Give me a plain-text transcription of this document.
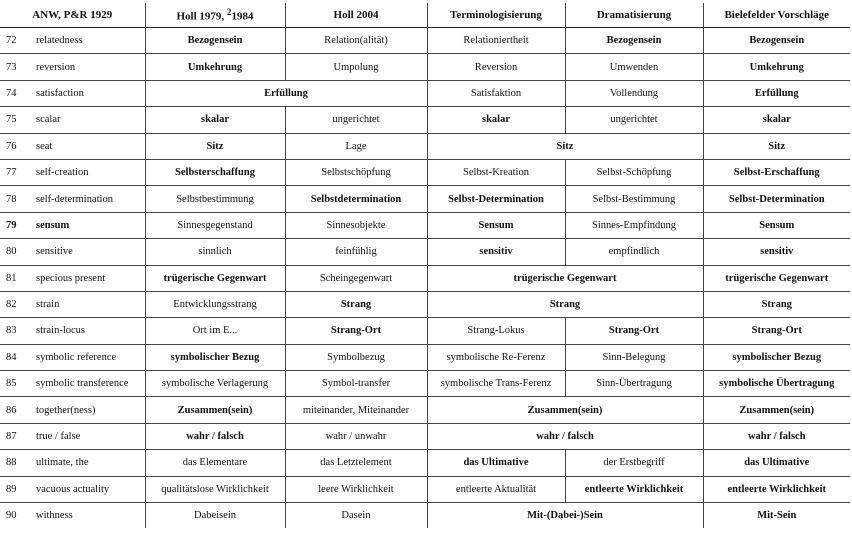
ANW, P&R 1929	Holl 1979, $^2$1984	Holl 2004	Terminologisierung	Dramatisierung	Bielefelder Vorschläge
72 relatedness	Bezogensein	Relation(alität)	Relationiertheit	Bezogensein	Bezogensein
73 reversion	Umkehrung	Umpolung	Reversion	Umwenden	Umkehrung
74 satisfaction	Erfüllung		Satisfaktion	Vollendung	Erfüllung
75 scalar	skalar	ungerichtet	skalar	ungerichtet	skalar
76 seat	Sitz	Lage	Sitz		Sitz
77 self-creation	Selbsterschaffung	Selbstschöpfung	Selbst-Kreation	Selbst-Schöpfung	Selbst-Erschaffung
78 self-determination	Selbstbestimmung	Selbstdetermination	Selbst-Determination	Selbst-Bestimmung	Selbst-Determination
79 sensum	Sinnesgegenstand	Sinnesobjekte	Sensum	Sinnes-Empfindung	Sensum
80 sensitive	sinnlich	feinfühlig	sensitiv	empfindlich	sensitiv
81 specious present	trügerische Gegenwart	Scheingegenwart	trügerische Gegenwart		trügerische Gegenwart
82 strain	Entwicklungsstrang	Strang	Strang		Strang
83 strain-locus	Ort im E...	Strang-Ort	Strang-Lokus	Strang-Ort	Strang-Ort
84 symbolic reference	symbolischer Bezug	Symbolbezug	symbolische Re-Ferenz	Sinn-Belegung	symbolischer Bezug
85 symbolic transference	symbolische Verlagerung	Symbol-transfer	symbolische Trans-Ferenz	Sinn-Übertragung	symbolische Übertragung
86 together(ness)	Zusammen(sein)	miteinander, Miteinander	Zusammen(sein)		Zusammen(sein)
87 true / false	wahr / falsch	wahr / unwahr	wahr / falsch		wahr / falsch
88 ultimate, the	das Elementare	das Letztelement	das Ultimative	der Erstbegriff	das Ultimative
89 vacuous actuality	qualitätslose Wirklichkeit	leere Wirklichkeit	entleerte Aktualität	entleerte Wirklichkeit	entleerte Wirklichkeit
90 withness	Dabeisein	Dasein	Mit-(Dabei-)Sein		Mit-Sein
